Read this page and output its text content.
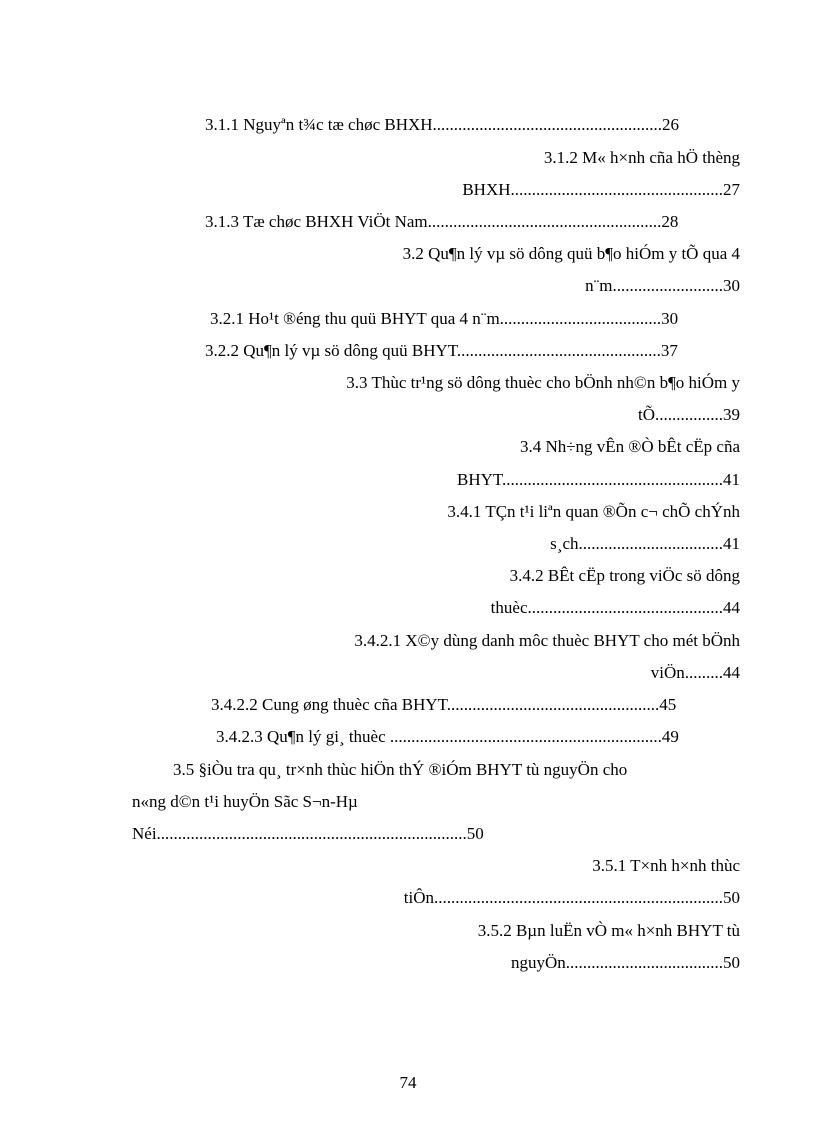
3.1.1 Nguyªn t¾c tæ chøc BHXH......................................................26

3.1.2 M« h×nh cña hÖ thèng

BHXH..................................................27

3.1.3 Tæ chøc BHXH ViÖt Nam.......................................................28

3.2 Qu¶n lý vµ sö dông quü b¶o hiÓm y tÕ qua 4

n¨m..........................30

3.2.1 Ho¹t ®éng thu quü BHYT qua 4 n¨m......................................30

3.2.2 Qu¶n lý vµ sö dông quü BHYT................................................37

3.3 Thùc tr¹ng sö dông thuèc cho bÖnh nh©n b¶o hiÓm y

tÕ................39

3.4 Nh÷ng vÊn ®Ò bÊt cËp cña

BHYT....................................................41

3.4.1 TÇn t¹i liªn quan ®Õn c¬ chÕ chÝnh

s¸ch..................................41

3.4.2 BÊt cËp trong viÖc sö dông

thuèc..............................................44

3.4.2.1 X©y dùng danh môc thuèc BHYT cho mét bÖnh

viÖn.........44

3.4.2.2 Cung øng thuèc cña BHYT..................................................45

3.4.2.3 Qu¶n lý gi¸ thuèc ................................................................49

3.5 §iÒu tra qu¸ tr×nh thùc hiÖn thÝ ®iÓm BHYT tù nguyÖn cho

n«ng d©n t¹i huyÖn Sãc S¬n-Hµ

Néi.........................................................................50

3.5.1 T×nh h×nh thùc

tiÔn....................................................................50

3.5.2 Bµn luËn vÒ m« h×nh BHYT tù

nguyÖn.....................................50

74
